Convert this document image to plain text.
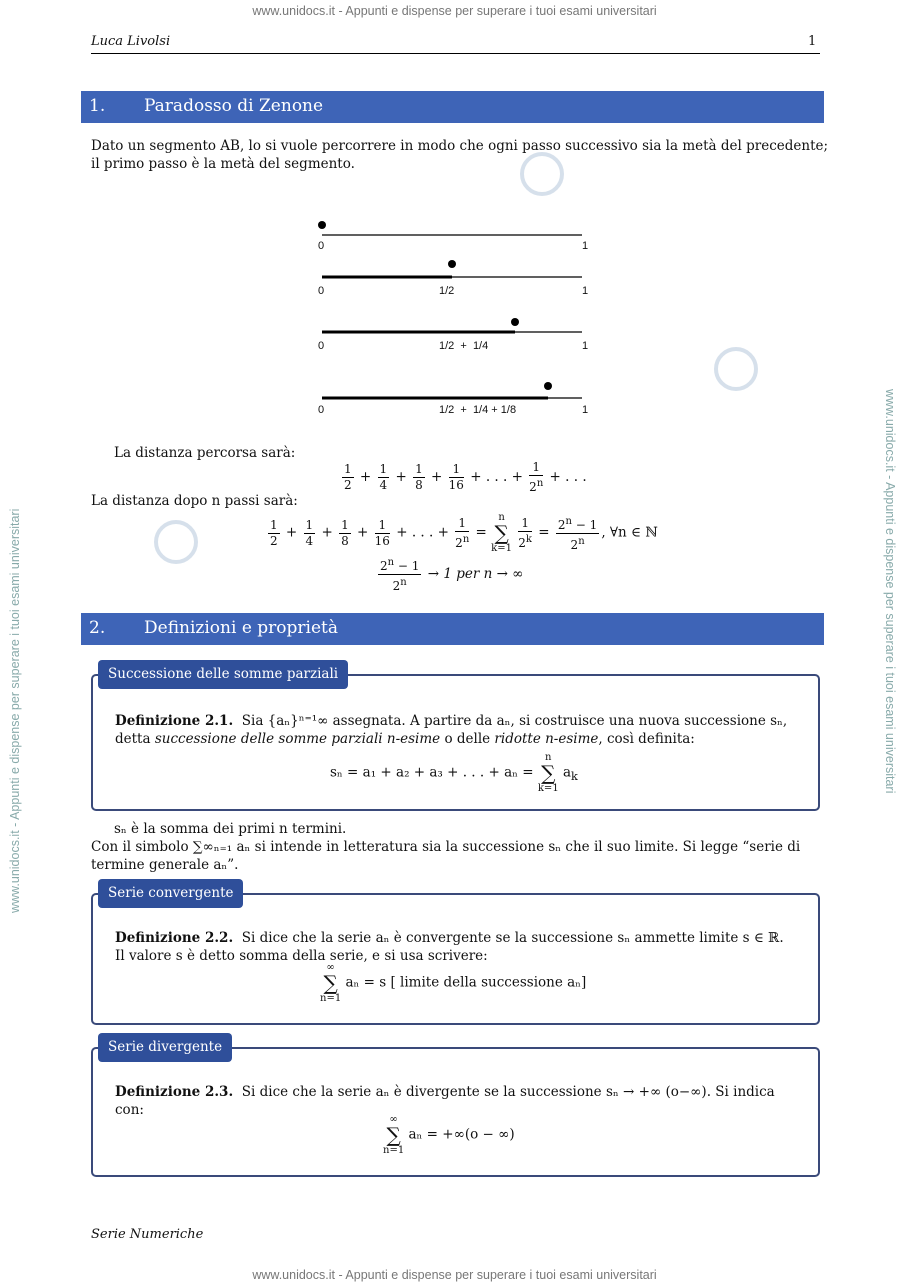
www.unidocs.it - Appunti e dispense per superare i tuoi esami universitari
www.unidocs.it - Appunti e dispense per superare i tuoi esami universitari
www.unidocs.it - Appunti e dispense per superare i tuoi esami universitari	www.unidocs.it - Appunti e dispense per superare i tuoi esami universitari
Luca Livolsi	1
1. Paradosso di Zenone
Dato un segmento AB, lo si vuole percorrere in modo che ogni passo successivo sia la metà del precedente;
il primo passo è la metà del segmento.
0	1
0	1/2	1
0	1/2  +  1/4	1
0	1/2  +  1/4 + 1/8	1
La distanza percorsa sarà:
$\frac{1}{2} + \frac{1}{4} + \frac{1}{8} + \frac{1}{16}$ + . . . + $\frac{1}{2^n}$ + . . .
La distanza dopo n passi sarà:
$\frac{1}{2} + \frac{1}{4} + \frac{1}{8} + \frac{1}{16}$ + . . . + $\frac{1}{2^n} = n$
∑
$k=1 \frac{1}{2^k} = \frac{2^n - 1}{2^n}$ , ∀n ∈ ℕ
$\frac{2^n - 1}{2^n} \to 1$ per n → ∞
2. Definizioni e proprietà
Successione delle somme parziali
Definizione 2.1. Sia {aₙ}ⁿ⁼¹∞ assegnata. A partire da aₙ, si costruisce una nuova successione sₙ,
detta successione delle somme parziali n-esime o delle ridotte n-esime, così definita:
sₙ = a₁ + a₂ + a₃ + . . . + aₙ = n
∑
k=1 $a_k$
sₙ è la somma dei primi n termini.
Con il simbolo ∑∞ₙ₌₁ aₙ si intende in letteratura sia la successione sₙ che il suo limite. Si legge “serie di
termine generale aₙ”.
Serie convergente
Definizione 2.2. Si dice che la serie aₙ è convergente se la successione sₙ ammette limite s ∈ ℝ.
Il valore s è detto somma della serie, e si usa scrivere:
∞
∑
n=1 aₙ = s [ limite della successione aₙ]
Serie divergente
Definizione 2.3. Si dice che la serie aₙ è divergente se la successione sₙ → +∞ (o−∞). Si indica
con:
∞
∑
n=1 aₙ = +∞(o − ∞)
Serie Numeriche
